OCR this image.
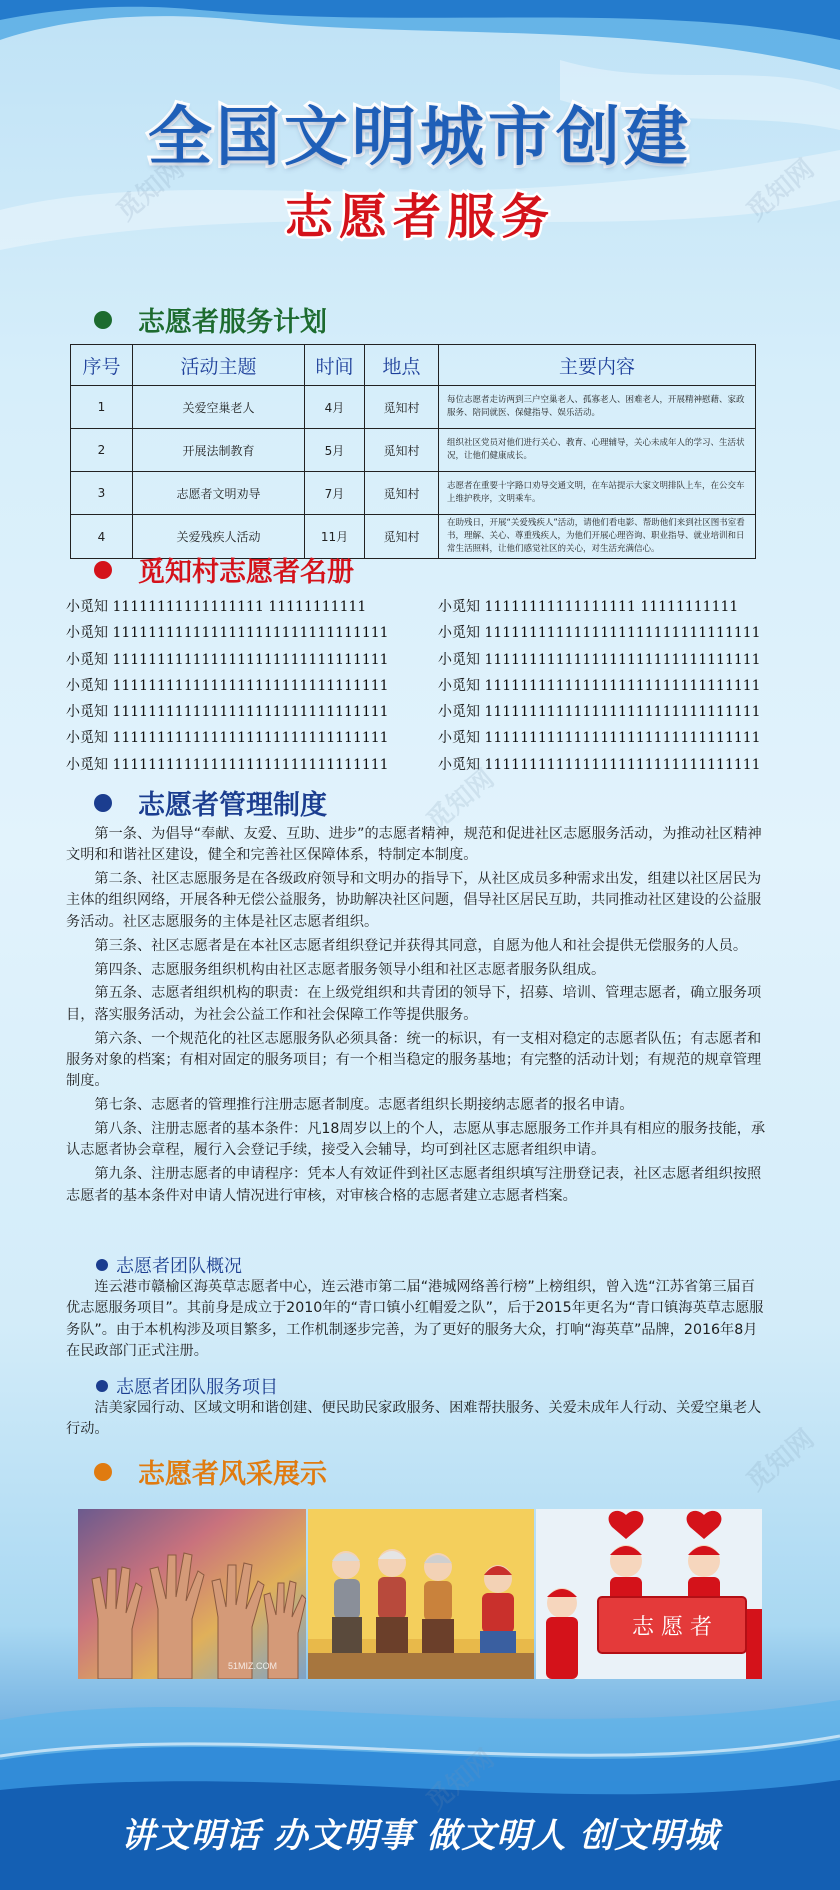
觅知网	觅知网
觅知网
觅知网
觅知网
全国文明城市创建
志愿者服务
志愿者服务计划
序号	活动主题	时间	地点	主要内容
1	关爱空巢老人	4月	觅知村	每位志愿者走访两到三户空巢老人、孤寡老人、困难老人，开展精神慰藉、家政服务、陪同就医、保健指导、娱乐活动。
2	开展法制教育	5月	觅知村	组织社区党员对他们进行关心、教育、心理辅导，关心未成年人的学习、生活状况，让他们健康成长。
3	志愿者文明劝导	7月	觅知村	志愿者在重要十字路口劝导交通文明，在车站提示大家文明排队上车，在公交车上维护秩序，文明乘车。
4	关爱残疾人活动	11月	觅知村	在助残日，开展“关爱残疾人”活动，请他们看电影、帮助他们来到社区图书室看书，理解、关心、尊重残疾人，为他们开展心理咨询、职业指导、就业培训和日常生活照料，让他们感觉社区的关心，对生活充满信心。
觅知村志愿者名册
小觅知 11111111111111111 11111111111
小觅知 1111111111111111111111111111111
小觅知 1111111111111111111111111111111
小觅知 1111111111111111111111111111111
小觅知 1111111111111111111111111111111
小觅知 1111111111111111111111111111111
小觅知 1111111111111111111111111111111
小觅知 11111111111111111 11111111111
小觅知 1111111111111111111111111111111
小觅知 1111111111111111111111111111111
小觅知 1111111111111111111111111111111
小觅知 1111111111111111111111111111111
小觅知 1111111111111111111111111111111
小觅知 1111111111111111111111111111111
志愿者管理制度

第一条、为倡导“奉献、友爱、互助、进步”的志愿者精神，规范和促进社区志愿服务活动，为推动社区精神文明和和谐社区建设，健全和完善社区保障体系，特制定本制度。

第二条、社区志愿服务是在各级政府领导和文明办的指导下，从社区成员多种需求出发，组建以社区居民为主体的组织网络，开展各种无偿公益服务，协助解决社区问题，倡导社区居民互助，共同推动社区建设的公益服务活动。社区志愿服务的主体是社区志愿者组织。

第三条、社区志愿者是在本社区志愿者组织登记并获得其同意，自愿为他人和社会提供无偿服务的人员。

第四条、志愿服务组织机构由社区志愿者服务领导小组和社区志愿者服务队组成。

第五条、志愿者组织机构的职责：在上级党组织和共青团的领导下，招募、培训、管理志愿者，确立服务项目，落实服务活动，为社会公益工作和社会保障工作等提供服务。

第六条、一个规范化的社区志愿服务队必须具备：统一的标识，有一支相对稳定的志愿者队伍；有志愿者和服务对象的档案；有相对固定的服务项目；有一个相当稳定的服务基地；有完整的活动计划；有规范的规章管理制度。

第七条、志愿者的管理推行注册志愿者制度。志愿者组织长期接纳志愿者的报名申请。

第八条、注册志愿者的基本条件：凡18周岁以上的个人，志愿从事志愿服务工作并具有相应的服务技能，承认志愿者协会章程，履行入会登记手续，接受入会辅导，均可到社区志愿者组织申请。

第九条、注册志愿者的申请程序：凭本人有效证件到社区志愿者组织填写注册登记表，社区志愿者组织按照志愿者的基本条件对申请人情况进行审核，对审核合格的志愿者建立志愿者档案。

志愿者团队概况

连云港市赣榆区海英草志愿者中心，连云港市第二届“港城网络善行榜”上榜组织，曾入选“江苏省第三届百优志愿服务项目”。其前身是成立于2010年的“青口镇小红帽爱之队”，后于2015年更名为“青口镇海英草志愿服务队”。由于本机构涉及项目繁多，工作机制逐步完善，为了更好的服务大众，打响“海英草”品牌，2016年8月在民政部门正式注册。

志愿者团队服务项目

洁美家园行动、区域文明和谐创建、便民助民家政服务、困难帮扶服务、关爱未成年人行动、关爱空巢老人行动。

志愿者风采展示
51MIZ.COM
志 愿 者
讲文明话 办文明事 做文明人 创文明城
